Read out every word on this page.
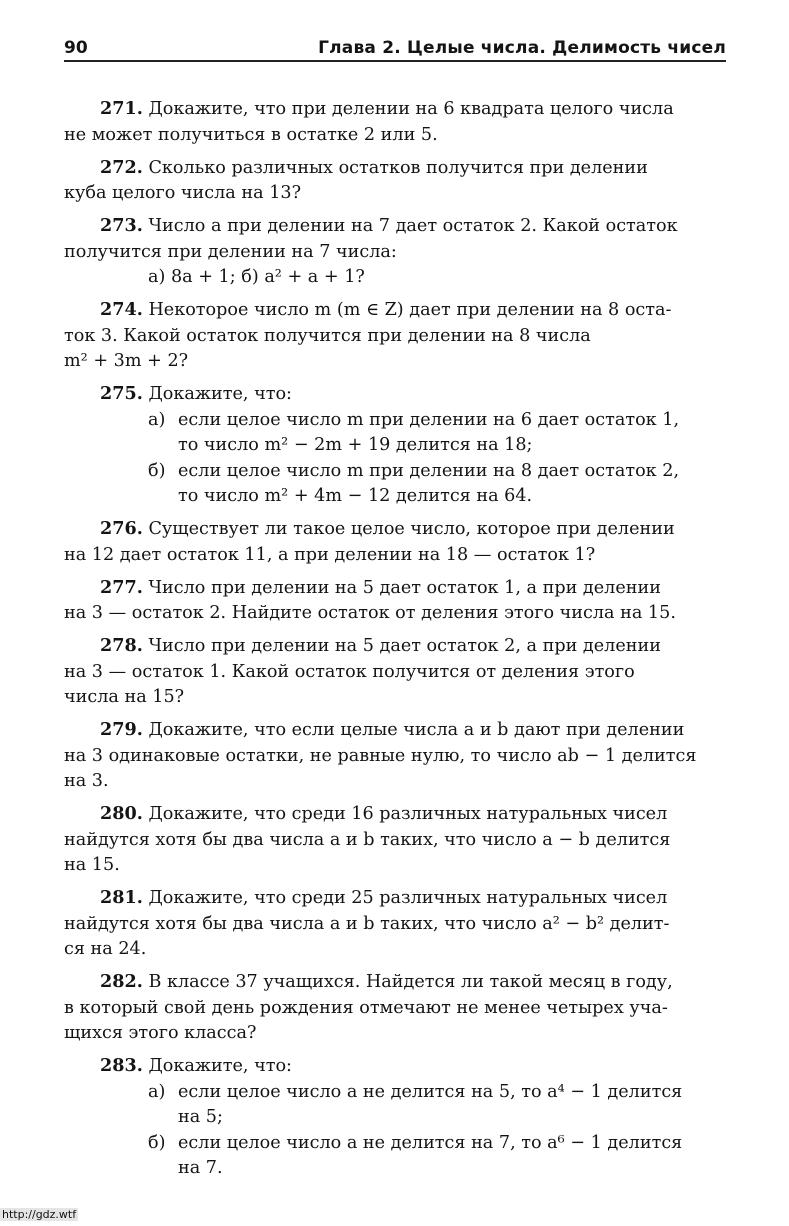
90	Глава 2. Целые числа. Делимость чисел
271. Докажите, что при делении на 6 квадрата целого числа
не может получиться в остатке 2 или 5.
272. Сколько различных остатков получится при делении
куба целого числа на 13?
273. Число a при делении на 7 дает остаток 2. Какой остаток
получится при делении на 7 числа:
а) 8a + 1; б) a² + a + 1?
274. Некоторое число m (m ∈ Z) дает при делении на 8 оста-
ток 3. Какой остаток получится при делении на 8 числа
m² + 3m + 2?
275. Докажите, что:
а) если целое число m при делении на 6 дает остаток 1,
то число m² − 2m + 19 делится на 18;
б) если целое число m при делении на 8 дает остаток 2,
то число m² + 4m − 12 делится на 64.
276. Существует ли такое целое число, которое при делении
на 12 дает остаток 11, а при делении на 18 — остаток 1?
277. Число при делении на 5 дает остаток 1, а при делении
на 3 — остаток 2. Найдите остаток от деления этого числа на 15.
278. Число при делении на 5 дает остаток 2, а при делении
на 3 — остаток 1. Какой остаток получится от деления этого
числа на 15?
279. Докажите, что если целые числа a и b дают при делении
на 3 одинаковые остатки, не равные нулю, то число ab − 1 делится
на 3.
280. Докажите, что среди 16 различных натуральных чисел
найдутся хотя бы два числа a и b таких, что число a − b делится
на 15.
281. Докажите, что среди 25 различных натуральных чисел
найдутся хотя бы два числа a и b таких, что число a² − b² делит-
ся на 24.
282. В классе 37 учащихся. Найдется ли такой месяц в году,
в который свой день рождения отмечают не менее четырех уча-
щихся этого класса?
283. Докажите, что:
а) если целое число a не делится на 5, то a⁴ − 1 делится
на 5;
б) если целое число a не делится на 7, то a⁶ − 1 делится
на 7.
http://gdz.wtf
